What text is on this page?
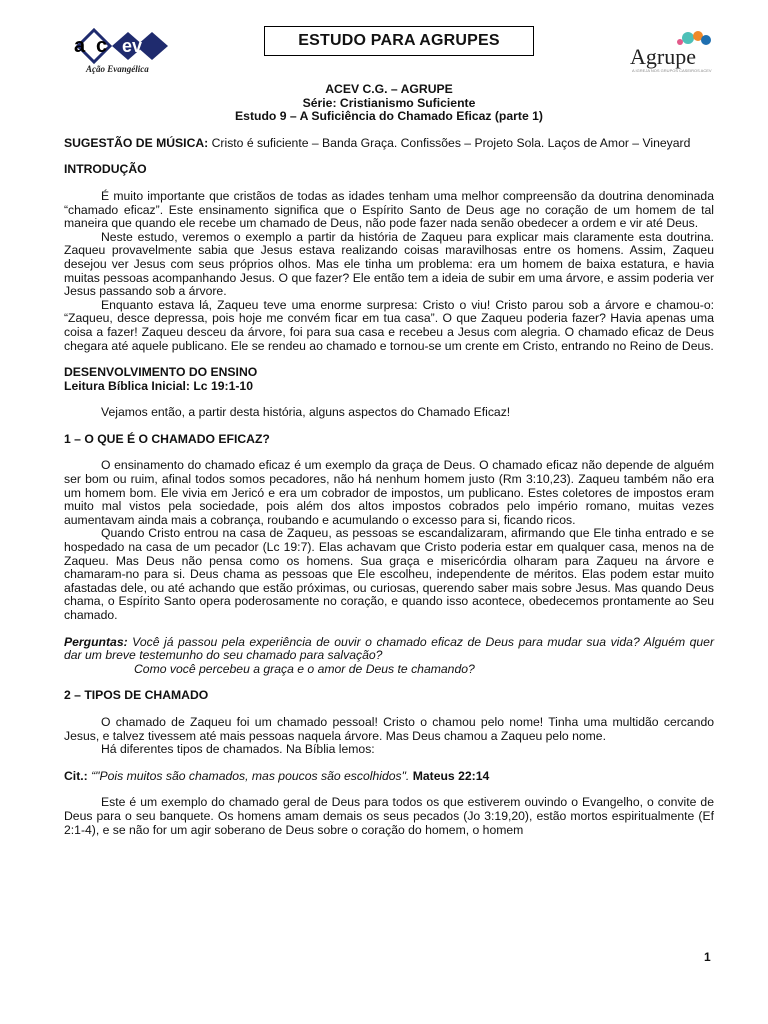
a c ev
Ação Evangélica
ESTUDO PARA AGRUPES
Agrupe
A IGREJA NOS GRUPOS CASEIROS ACEV
ACEV C.G. – AGRUPE
Série: Cristianismo Suficiente
Estudo 9 – A Suficiência do Chamado Eficaz (parte 1)

SUGESTÃO DE MÚSICA: Cristo é suficiente – Banda Graça. Confissões – Projeto Sola. Laços de Amor – Vineyard

INTRODUÇÃO

É muito importante que cristãos de todas as idades tenham uma melhor compreensão da doutrina denominada “chamado eficaz”. Este ensinamento significa que o Espírito Santo de Deus age no coração de um homem de tal maneira que quando ele recebe um chamado de Deus, não pode fazer nada senão obedecer a ordem e vir até Deus.

Neste estudo, veremos o exemplo a partir da história de Zaqueu para explicar mais claramente esta doutrina. Zaqueu provavelmente sabia que Jesus estava realizando coisas maravilhosas entre os homens. Assim, Zaqueu desejou ver Jesus com seus próprios olhos. Mas ele tinha um problema: era um homem de baixa estatura, e havia muitas pessoas acompanhando Jesus. O que fazer? Ele então tem a ideia de subir em uma árvore, e assim poderia ver Jesus passando sob a árvore.

Enquanto estava lá, Zaqueu teve uma enorme surpresa: Cristo o viu! Cristo parou sob a árvore e chamou-o: “Zaqueu, desce depressa, pois hoje me convém ficar em tua casa”. O que Zaqueu poderia fazer? Havia apenas uma coisa a fazer! Zaqueu desceu da árvore, foi para sua casa e recebeu a Jesus com alegria. O chamado eficaz de Deus chegara até aquele publicano. Ele se rendeu ao chamado e tornou-se um crente em Cristo, entrando no Reino de Deus.

DESENVOLVIMENTO DO ENSINO
Leitura Bíblica Inicial: Lc 19:1-10

Vejamos então, a partir desta história, alguns aspectos do Chamado Eficaz!

1 – O QUE É O CHAMADO EFICAZ?

O ensinamento do chamado eficaz é um exemplo da graça de Deus. O chamado eficaz não depende de alguém ser bom ou ruim, afinal todos somos pecadores, não há nenhum homem justo (Rm 3:10,23). Zaqueu também não era um homem bom. Ele vivia em Jericó e era um cobrador de impostos, um publicano. Estes coletores de impostos eram muito mal vistos pela sociedade, pois além dos altos impostos cobrados pelo império romano, muitas vezes aumentavam ainda mais a cobrança, roubando e acumulando o excesso para si, ficando ricos.

Quando Cristo entrou na casa de Zaqueu, as pessoas se escandalizaram, afirmando que Ele tinha entrado e se hospedado na casa de um pecador (Lc 19:7). Elas achavam que Cristo poderia estar em qualquer casa, menos na de Zaqueu. Mas Deus não pensa como os homens. Sua graça e misericórdia olharam para Zaqueu na árvore e chamaram-no para si. Deus chama as pessoas que Ele escolheu, independente de méritos. Elas podem estar muito afastadas dele, ou até achando que estão próximas, ou curiosas, querendo saber mais sobre Jesus. Mas quando Deus chama, o Espírito Santo opera poderosamente no coração, e quando isso acontece, obedecemos prontamente ao Seu chamado.

Perguntas: Você já passou pela experiência de ouvir o chamado eficaz de Deus para mudar sua vida? Alguém quer dar um breve testemunho do seu chamado para salvação?

Como você percebeu a graça e o amor de Deus te chamando?

2 – TIPOS DE CHAMADO

O chamado de Zaqueu foi um chamado pessoal! Cristo o chamou pelo nome! Tinha uma multidão cercando Jesus, e talvez tivessem até mais pessoas naquela árvore. Mas Deus chamou a Zaqueu pelo nome.

Há diferentes tipos de chamados. Na Bíblia lemos:

Cit.: “"Pois muitos são chamados, mas poucos são escolhidos". Mateus 22:14

Este é um exemplo do chamado geral de Deus para todos os que estiverem ouvindo o Evangelho, o convite de Deus para o seu banquete. Os homens amam demais os seus pecados (Jo 3:19,20), estão mortos espiritualmente (Ef 2:1-4), e se não for um agir soberano de Deus sobre o coração do homem, o homem

1
